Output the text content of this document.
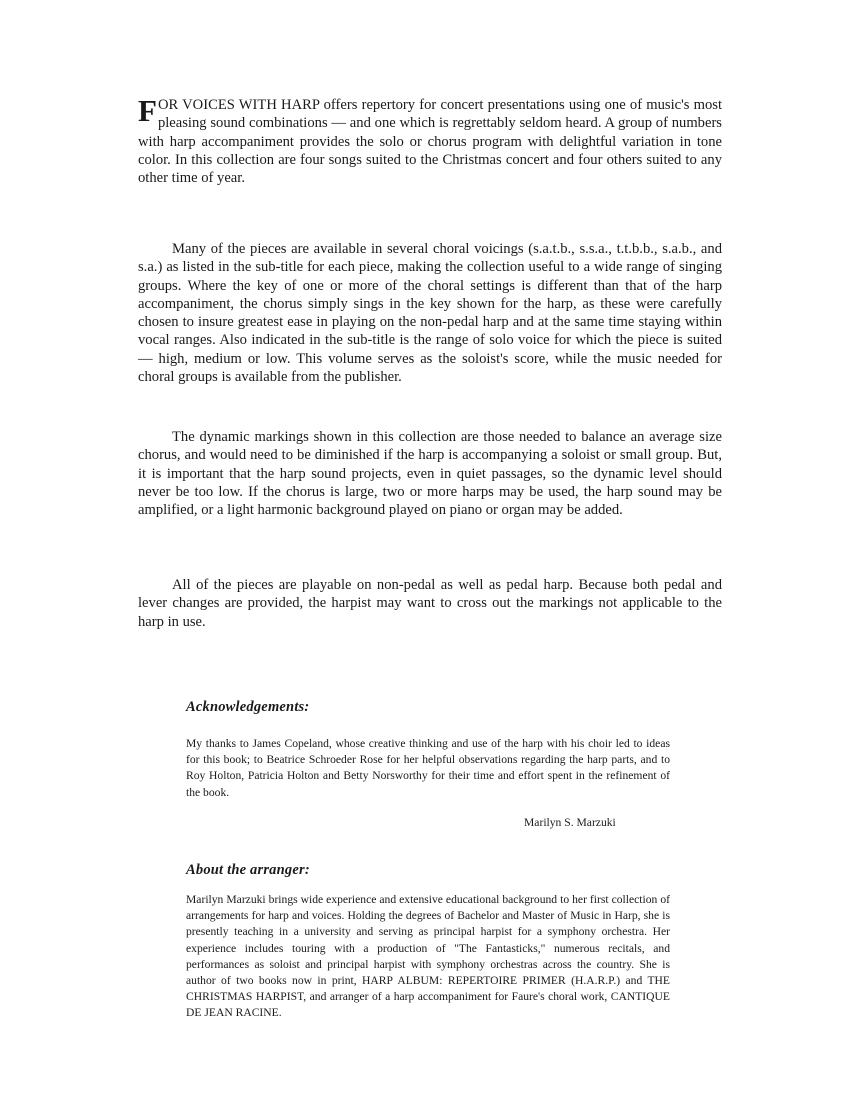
FOR VOICES WITH HARP offers repertory for concert presentations using one of music's most pleasing sound combinations — and one which is regrettably seldom heard. A group of numbers with harp accompaniment provides the solo or chorus program with delightful variation in tone color. In this collection are four songs suited to the Christmas concert and four others suited to any other time of year.

Many of the pieces are available in several choral voicings (s.a.t.b., s.s.a., t.t.b.b., s.a.b., and s.a.) as listed in the sub-title for each piece, making the collection useful to a wide range of singing groups. Where the key of one or more of the choral settings is different than that of the harp accompaniment, the chorus simply sings in the key shown for the harp, as these were carefully chosen to insure greatest ease in playing on the non-pedal harp and at the same time staying within vocal ranges. Also indicated in the sub-title is the range of solo voice for which the piece is suited — high, medium or low. This volume serves as the soloist's score, while the music needed for choral groups is available from the publisher.

The dynamic markings shown in this collection are those needed to balance an average size chorus, and would need to be diminished if the harp is accompanying a soloist or small group. But, it is important that the harp sound projects, even in quiet passages, so the dynamic level should never be too low. If the chorus is large, two or more harps may be used, the harp sound may be amplified, or a light harmonic background played on piano or organ may be added.

All of the pieces are playable on non-pedal as well as pedal harp. Because both pedal and lever changes are provided, the harpist may want to cross out the markings not applicable to the harp in use.

Acknowledgements:

My thanks to James Copeland, whose creative thinking and use of the harp with his choir led to ideas for this book; to Beatrice Schroeder Rose for her helpful observations regarding the harp parts, and to Roy Holton, Patricia Holton and Betty Norsworthy for their time and effort spent in the refinement of the book.

Marilyn S. Marzuki

About the arranger:

Marilyn Marzuki brings wide experience and extensive educational background to her first collection of arrangements for harp and voices. Holding the degrees of Bachelor and Master of Music in Harp, she is presently teaching in a university and serving as principal harpist for a symphony orchestra. Her experience includes touring with a production of "The Fantasticks," numerous recitals, and performances as soloist and principal harpist with symphony orchestras across the country. She is author of two books now in print, HARP ALBUM: REPERTOIRE PRIMER (H.A.R.P.) and THE CHRISTMAS HARPIST, and arranger of a harp accompaniment for Faure's choral work, CANTIQUE DE JEAN RACINE.
